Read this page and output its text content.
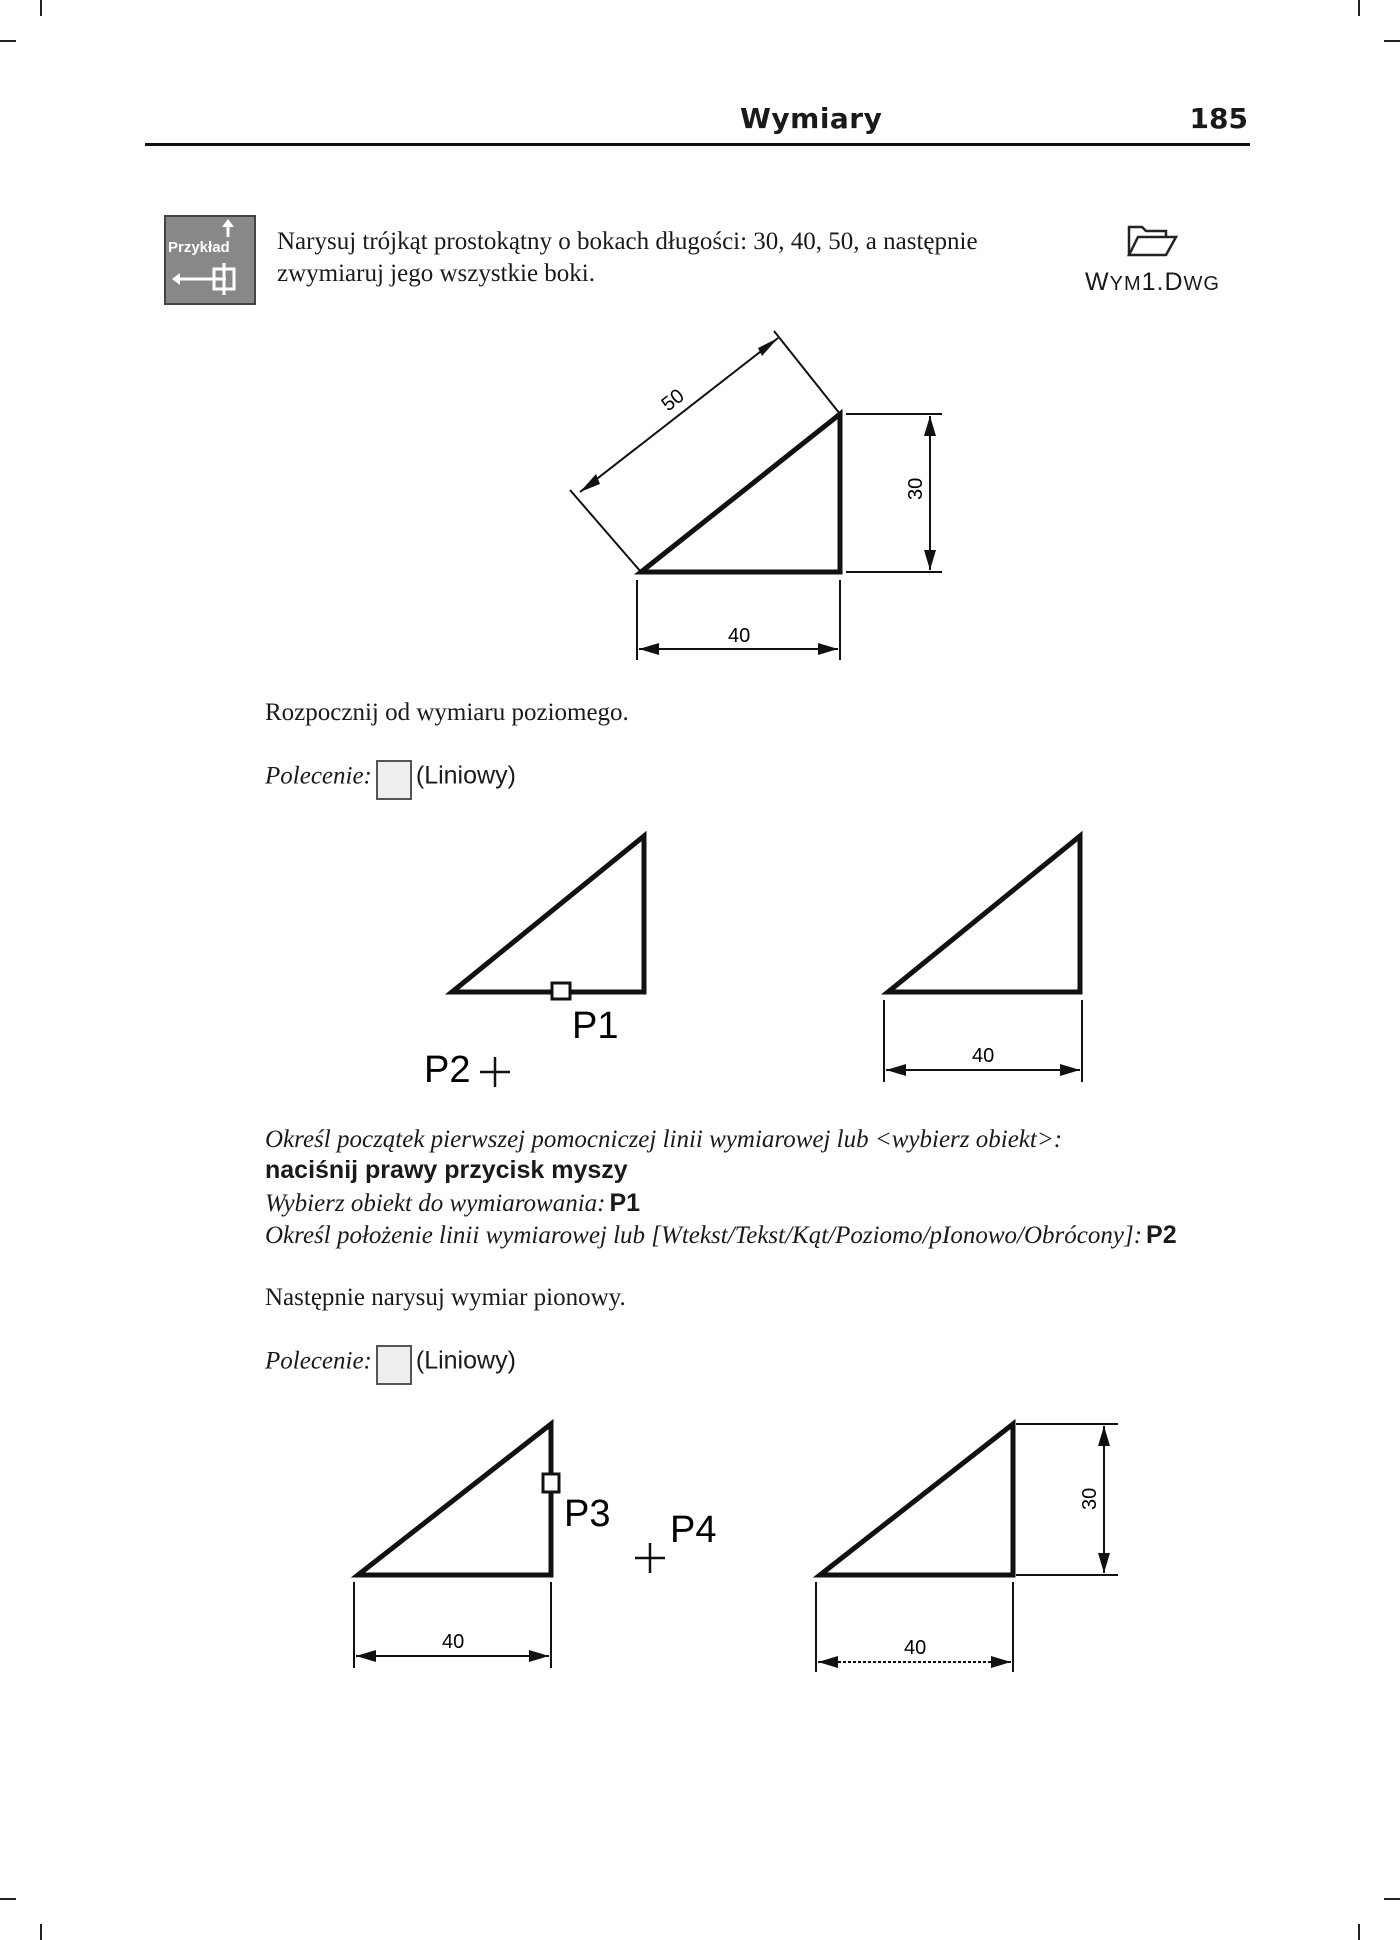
Wymiary	185
Przykład Narysuj trójkąt prostokątny o bokach długości: 30, 40, 50, a następnie
zwymiaruj jego wszystkie boki.	WYM1.DWG
50
30
40
Rozpocznij od wymiaru poziomego.
Polecenie: (Liniowy)
P1
P2	40
Określ początek pierwszej pomocniczej linii wymiarowej lub <wybierz obiekt>:
naciśnij prawy przycisk myszy
Wybierz obiekt do wymiarowania: P1
Określ położenie linii wymiarowej lub [Wtekst/Tekst/Kąt/Poziomo/pIonowo/Obrócony]: P2
Następnie narysuj wymiar pionowy.
Polecenie: (Liniowy)
P3 P4
40
30
40
